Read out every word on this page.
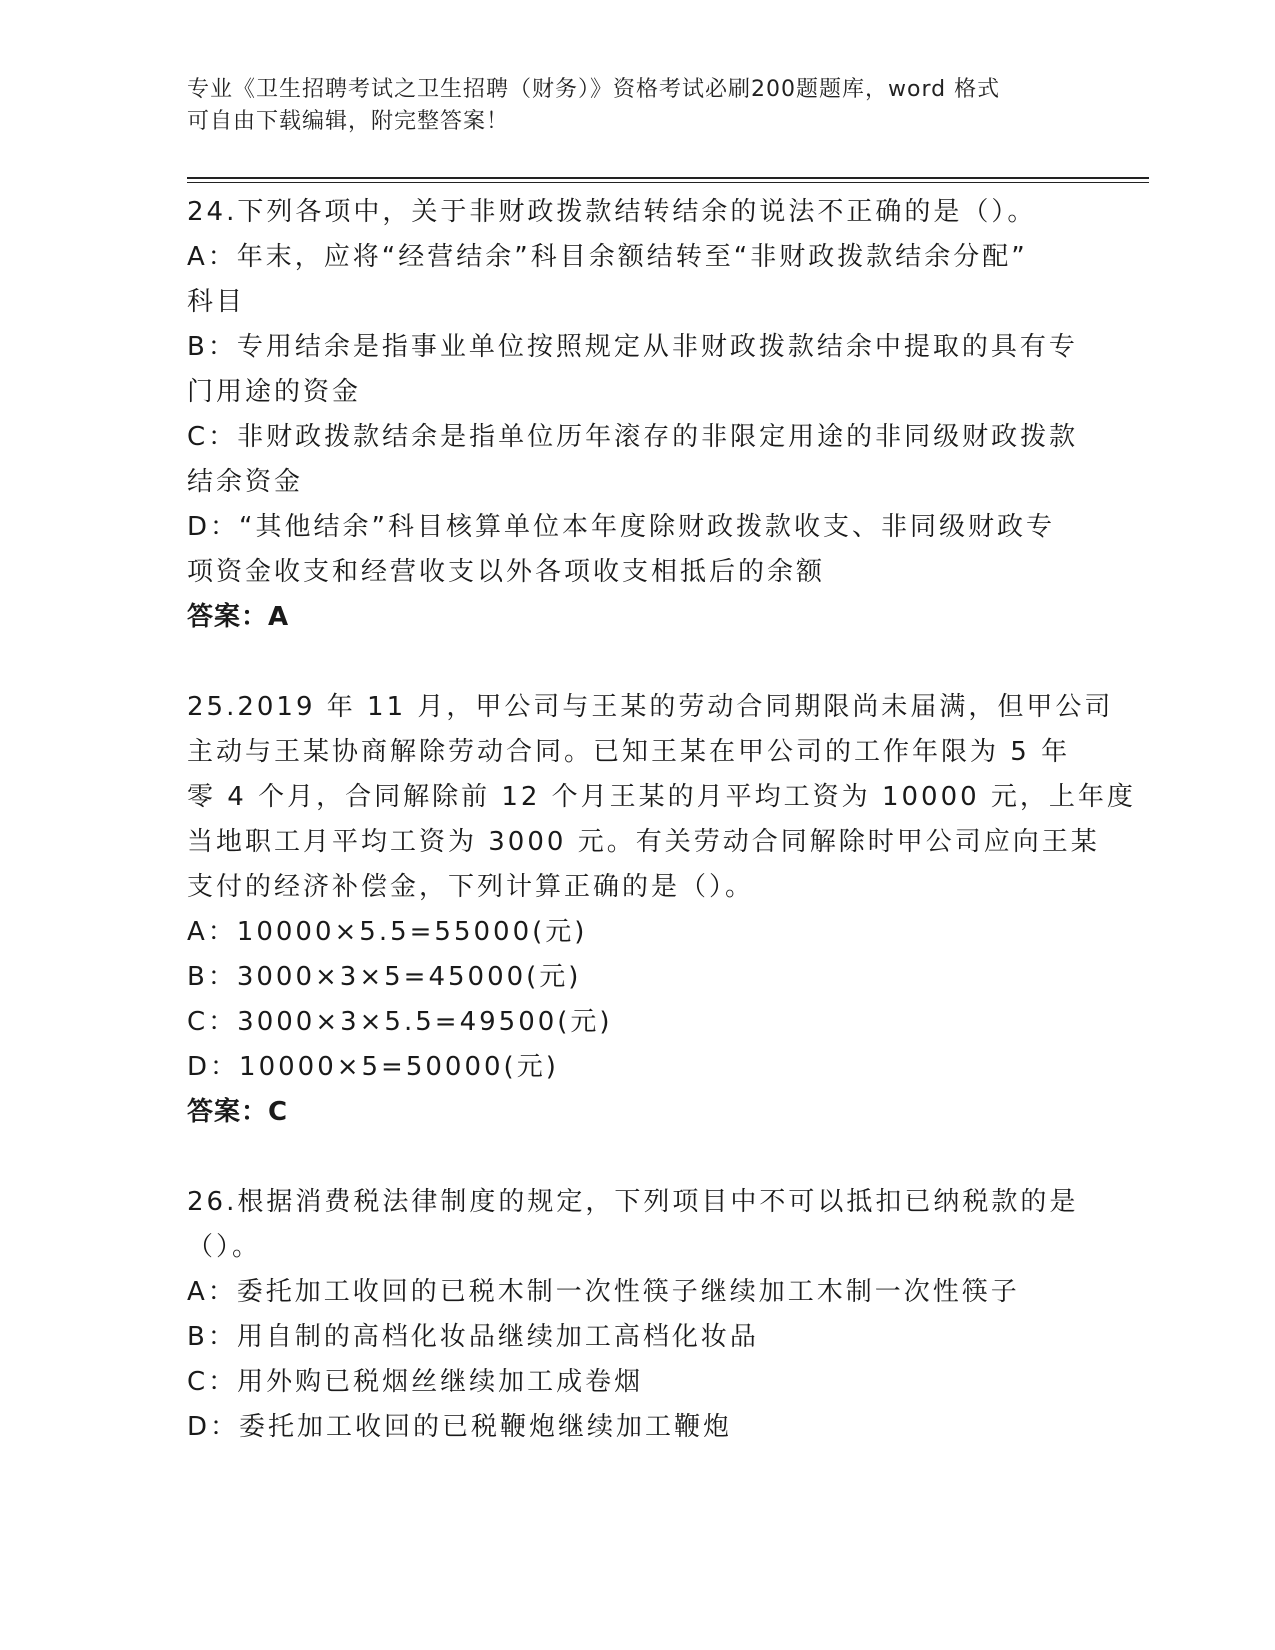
专业《卫生招聘考试之卫生招聘（财务）》资格考试必刷200题题库，word 格式
可自由下载编辑，附完整答案！
24.下列各项中，关于非财政拨款结转结余的说法不正确的是（）。
A：年末，应将“经营结余”科目余额结转至“非财政拨款结余分配”
科目
B：专用结余是指事业单位按照规定从非财政拨款结余中提取的具有专
门用途的资金
C：非财政拨款结余是指单位历年滚存的非限定用途的非同级财政拨款
结余资金
D：“其他结余”科目核算单位本年度除财政拨款收支、非同级财政专
项资金收支和经营收支以外各项收支相抵后的余额
答案：A
25.2019 年 11 月，甲公司与王某的劳动合同期限尚未届满，但甲公司
主动与王某协商解除劳动合同。已知王某在甲公司的工作年限为 5 年
零 4 个月，合同解除前 12 个月王某的月平均工资为 10000 元，上年度
当地职工月平均工资为 3000 元。有关劳动合同解除时甲公司应向王某
支付的经济补偿金，下列计算正确的是（）。
A：10000×5.5=55000(元)
B：3000×3×5=45000(元)
C：3000×3×5.5=49500(元)
D：10000×5=50000(元)
答案：C
26.根据消费税法律制度的规定，下列项目中不可以抵扣已纳税款的是
（）。
A：委托加工收回的已税木制一次性筷子继续加工木制一次性筷子
B：用自制的高档化妆品继续加工高档化妆品
C：用外购已税烟丝继续加工成卷烟
D：委托加工收回的已税鞭炮继续加工鞭炮
